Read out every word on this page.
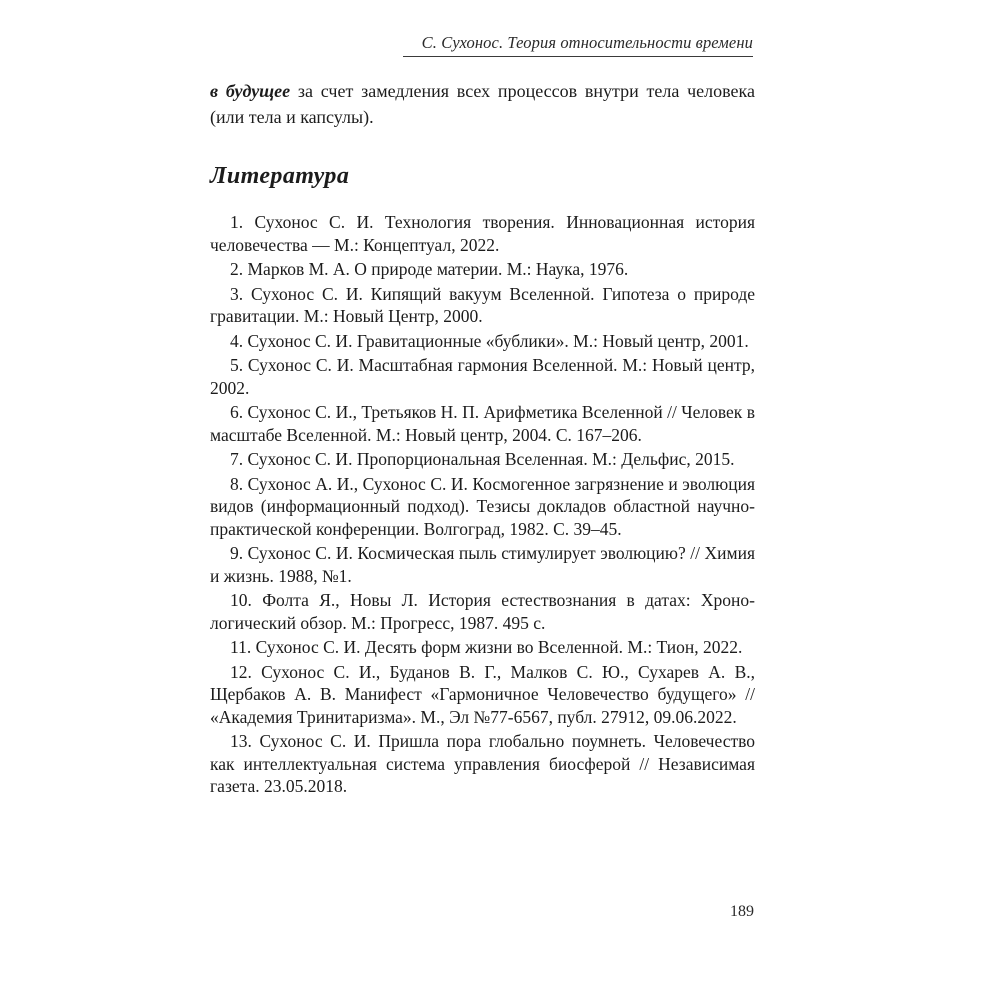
С. Сухонос. Теория относительности времени

в будущее за счет замедления всех процессов внутри тела человека (или тела и капсулы).

Литература

1. Сухонос С. И. Технология творения. Инновационная история человечества — М.: Концептуал, 2022.

2. Марков М. А. О природе материи. М.: Наука, 1976.

3. Сухонос С. И. Кипящий вакуум Вселенной. Гипотеза о природе гравитации. М.: Новый Центр, 2000.

4. Сухонос С. И. Гравитационные «бублики». М.: Новый центр, 2001.

5. Сухонос С. И. Масштабная гармония Вселенной. М.: Новый центр, 2002.

6. Сухонос С. И., Третьяков Н. П. Арифметика Вселенной // Человек в масштабе Вселенной. М.: Новый центр, 2004. С. 167–206.

7. Сухонос С. И. Пропорциональная Вселенная. М.: Дельфис, 2015.

8. Сухонос А. И., Сухонос С. И. Космогенное загрязнение и эволюция видов (информационный подход). Тезисы докладов областной научно-практической конференции. Волгоград, 1982. С. 39–45.

9. Сухонос С. И. Космическая пыль стимулирует эволюцию? // Химия и жизнь. 1988, №1.

10. Фолта Я., Новы Л. История естествознания в датах: Хронологический обзор. М.: Прогресс, 1987. 495 с.

11. Сухонос С. И. Десять форм жизни во Вселенной. М.: Тион, 2022.

12. Сухонос С. И., Буданов В. Г., Малков С. Ю., Сухарев А. В., Щербаков А. В. Манифест «Гармоничное Человечество будущего» // «Академия Тринитаризма». М., Эл №77-6567, публ. 27912, 09.06.2022.

13. Сухонос С. И. Пришла пора глобально поумнеть. Человечество как интеллектуальная система управления биосферой // Независимая газета. 23.05.2018.

189
